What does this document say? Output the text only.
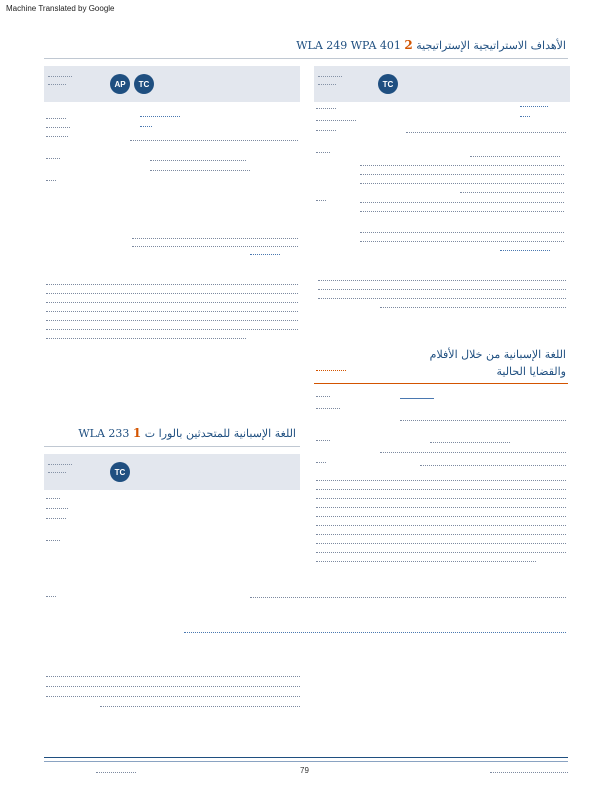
Machine Translated by Google
الأهداف الاستراتيجية الإستراتيجية WLA 249 WPA 401 2
AP	TC	TC
اللغة الإسبانية من خلال الأفلام
والقضايا الحالية
اللغة الإسبانية للمتحدثين بالورا ت WLA 233 1
TC
79
